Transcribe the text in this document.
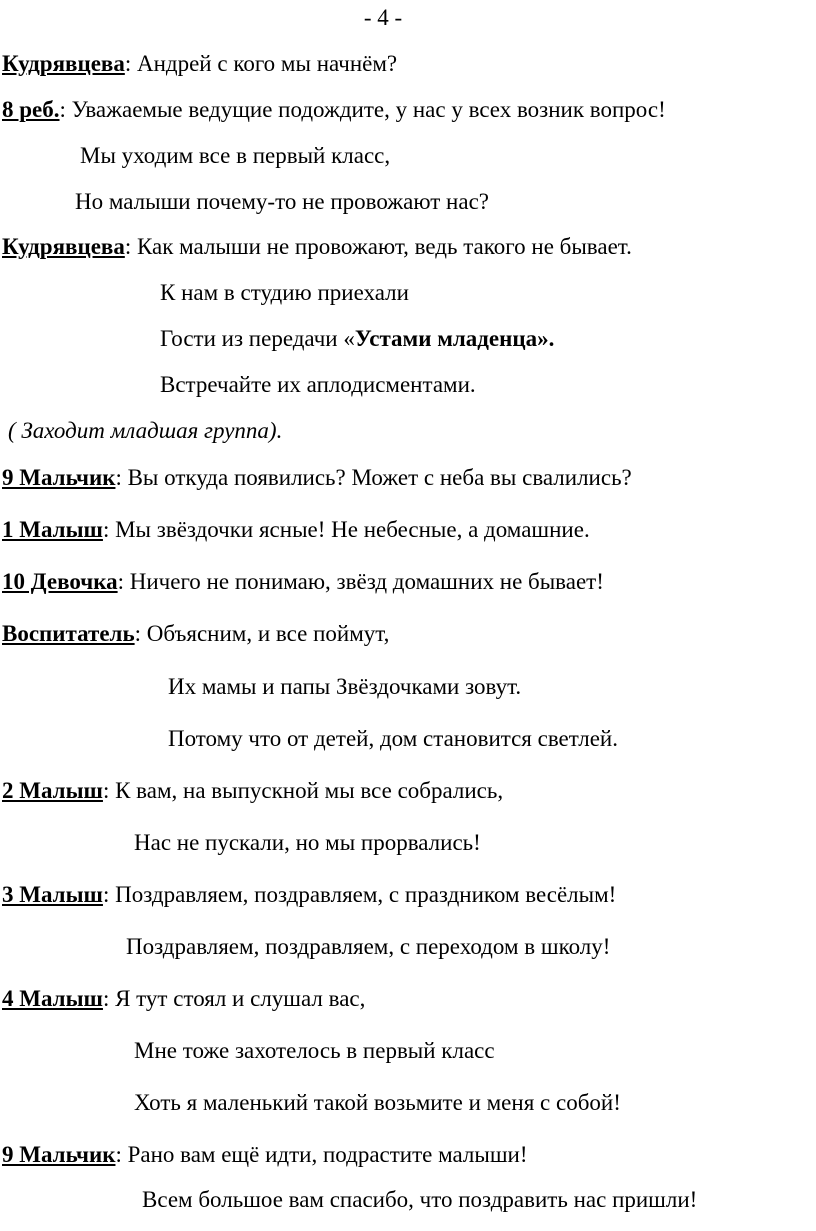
- 4 -
Кудрявцева: Андрей с кого мы начнём?
8 реб.: Уважаемые ведущие подождите, у нас у всех возник вопрос!
Мы уходим все в первый класс,
Но малыши почему-то не провожают нас?
Кудрявцева: Как малыши не провожают, ведь такого не бывает.
К нам в студию приехали
Гости из передачи «Устами младенца».
Встречайте их аплодисментами.
( Заходит младшая группа).
9 Мальчик: Вы откуда появились? Может с неба вы свалились?
1 Малыш: Мы звёздочки ясные! Не небесные, а домашние.
10 Девочка: Ничего не понимаю, звёзд домашних не бывает!
Воспитатель: Объясним, и все поймут,
Их мамы и папы Звёздочками зовут.
Потому что от детей, дом становится светлей.
2 Малыш: К вам, на выпускной мы все собрались,
Нас не пускали, но мы прорвались!
3 Малыш: Поздравляем, поздравляем, с праздником весёлым!
Поздравляем, поздравляем, с переходом в школу!
4 Малыш: Я тут стоял и слушал вас,
Мне тоже захотелось в первый класс
Хоть я маленький такой возьмите и меня с собой!
9 Мальчик: Рано вам ещё идти, подрастите малыши!
Всем большое вам спасибо, что поздравить нас пришли!
